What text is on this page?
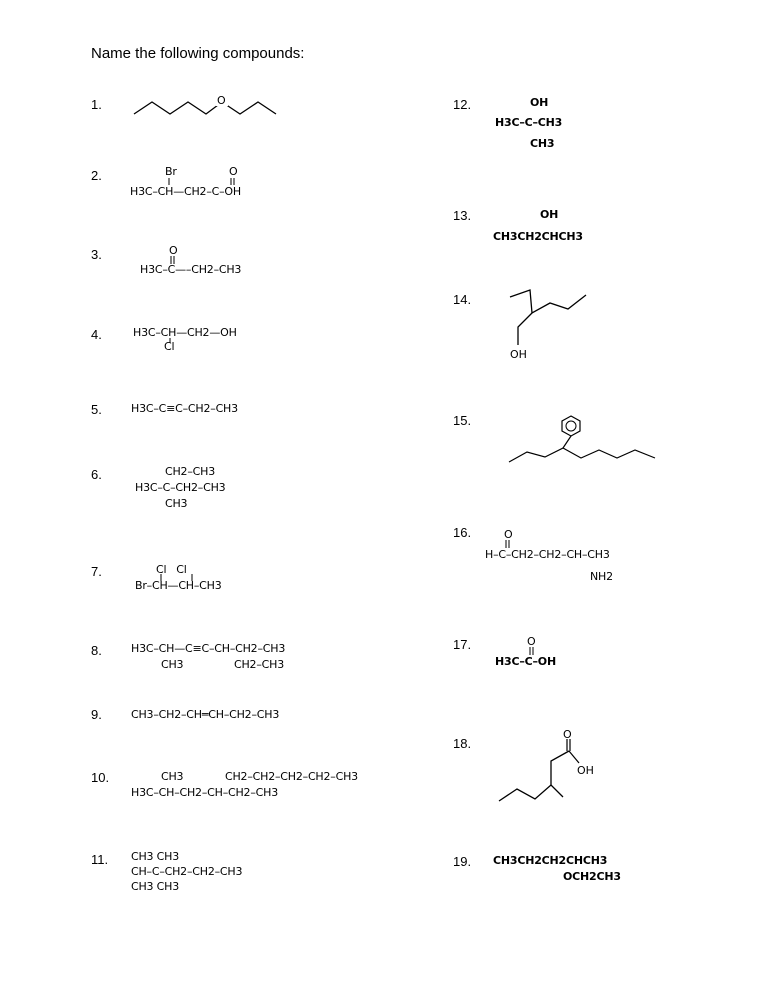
Name the following compounds:
1.
2.
3.
4.
5.
6.
7.
8.
9.
10.
11.
12.
13.
14.
15.
16.
17.
18.
19.
O
Br	O
H3C–CH—CH2–C–OH
O
H3C–C—–CH2–CH3
H3C–CH—CH2—OH
Cl
H3C–C≡C–CH2–CH3
CH2–CH3
H3C–C–CH2–CH3
CH3
Cl   Cl
Br–CH—CH–CH3
H3C–CH—C≡C–CH–CH2–CH3
CH3	CH2–CH3
CH3–CH2–CH═CH–CH2–CH3
CH3	CH2–CH2–CH2–CH2–CH3
H3C–CH–CH2–CH–CH2–CH3
CH3 CH3
CH–C–CH2–CH2–CH3
CH3 CH3
OH
H3C–C–CH3
CH3
OH
CH3CH2CHCH3
OH
O
H–C–CH2–CH2–CH–CH3
NH2
O
H3C–C–OH
O
OH
CH3CH2CH2CHCH3
OCH2CH3
